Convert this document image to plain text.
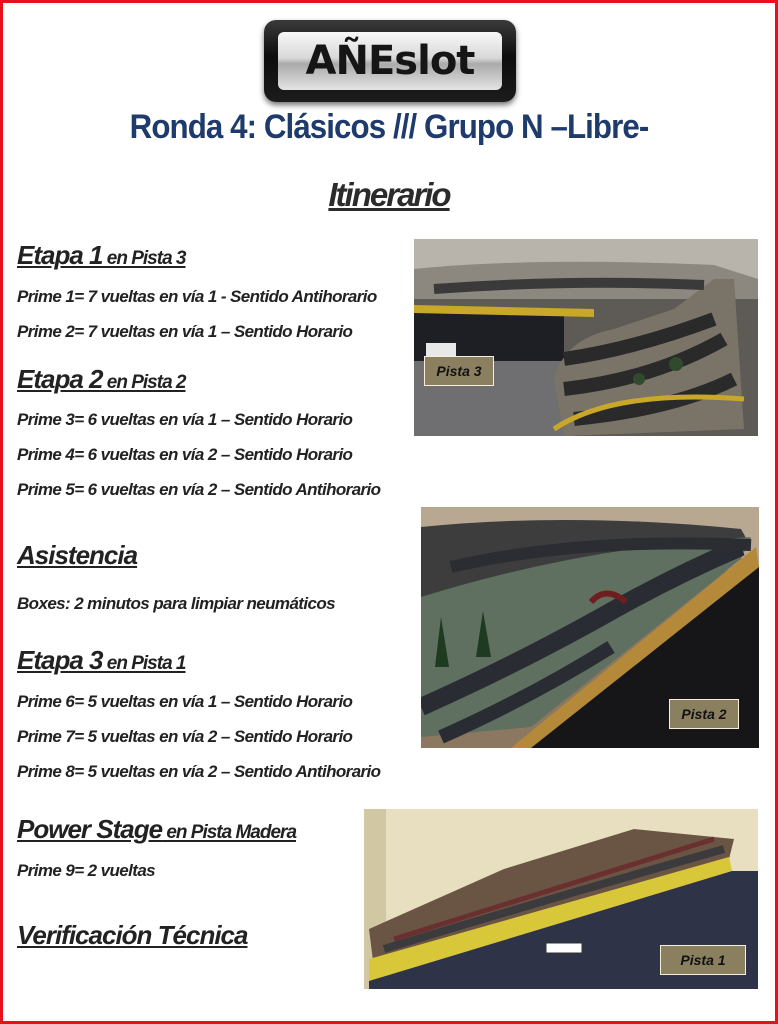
AÑEslot
Ronda 4: Clásicos /// Grupo N –Libre-
Itinerario
Etapa 1 en Pista 3
Prime 1= 7 vueltas en vía 1 - Sentido Antihorario
Prime 2= 7 vueltas en vía 1 – Sentido Horario
Etapa 2 en Pista 2
Prime 3= 6 vueltas en vía 1 – Sentido Horario
Prime 4= 6 vueltas en vía 2 – Sentido Horario
Prime 5= 6 vueltas en vía 2 – Sentido Antihorario
Asistencia
Boxes: 2 minutos para limpiar neumáticos
Etapa 3 en Pista 1
Prime 6= 5 vueltas en vía 1 – Sentido Horario
Prime 7= 5 vueltas en vía 2 – Sentido Horario
Prime 8= 5 vueltas en vía 2 – Sentido Antihorario
Power Stage en Pista Madera
Prime 9= 2 vueltas
Verificación Técnica
Pista 3
Pista 2
Pista 1
